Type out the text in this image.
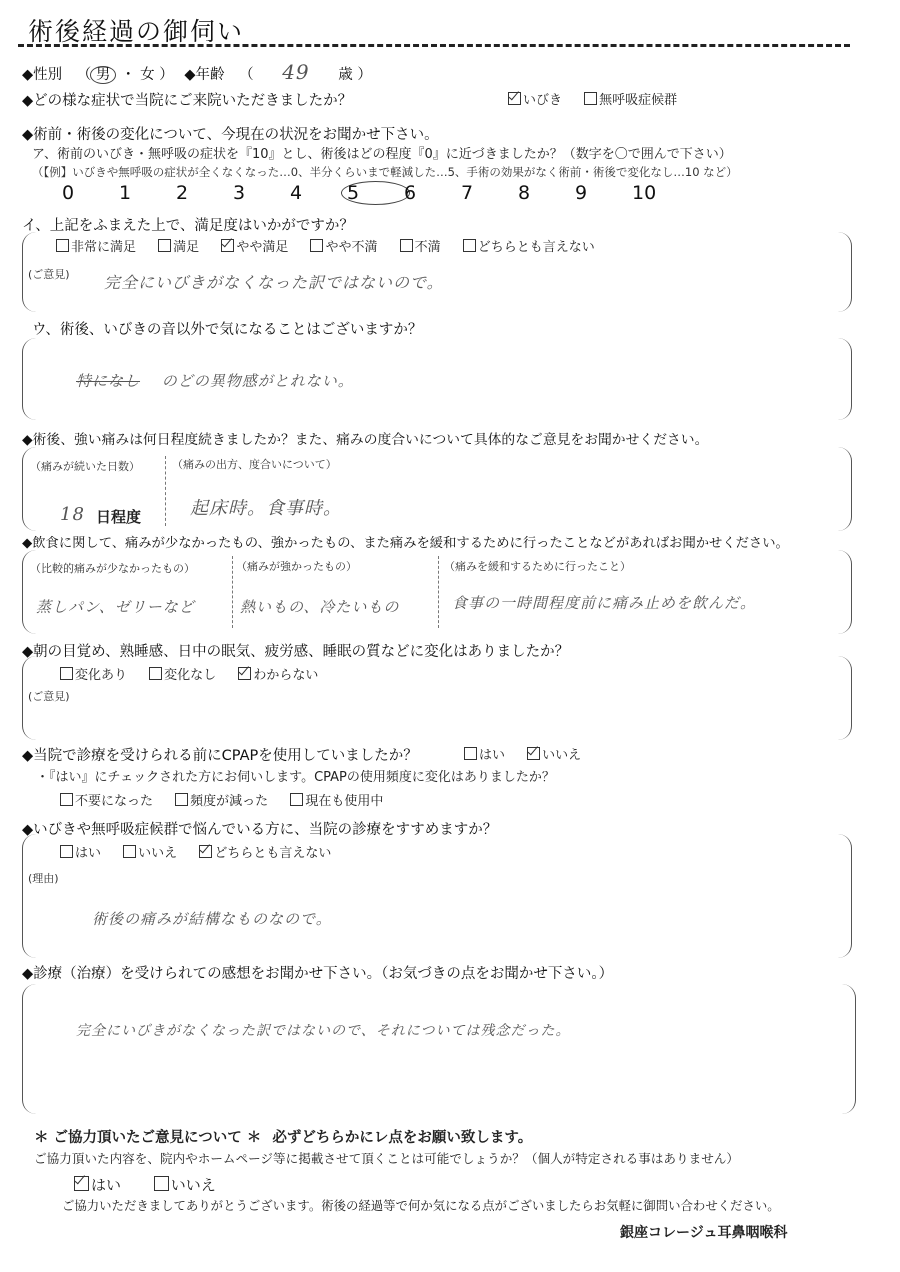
術後経過の御伺い
◆性別 （ 男 ・ 女 ） ◆年齢 （ 49 歳 ）
◆どの様な症状で当院にご来院いただきましたか？	いびき	無呼吸症候群
◆術前・術後の変化について、今現在の状況をお聞かせ下さい。
ア、術前のいびき・無呼吸の症状を『10』とし、術後はどの程度『0』に近づきましたか？（数字を〇で囲んで下さい）
（【例】いびきや無呼吸の症状が全くなくなった…0、半分くらいまで軽減した…5、手術の効果がなく術前・術後で変化なし…10 など）
0 1 2 3 4 5 6 7 8 9 10
イ、上記をふまえた上で、満足度はいかがですか？
非常に満足	満足	やや満足	やや不満	不満	どちらとも言えない
(ご意見) 完全にいびきがなくなった訳ではないので。
ウ、術後、いびきの音以外で気になることはございますか？
特になし のどの異物感がとれない。
◆術後、強い痛みは何日程度続きましたか？また、痛みの度合いについて具体的なご意見をお聞かせください。
（痛みが続いた日数）	（痛みの出方、度合いについて）
18 日程度	起床時。食事時。
◆飲食に関して、痛みが少なかったもの、強かったもの、また痛みを緩和するために行ったことなどがあればお聞かせください。
（比較的痛みが少なかったもの）	（痛みが強かったもの）	（痛みを緩和するために行ったこと）
蒸しパン、ゼリーなど	熱いもの、冷たいもの	食事の一時間程度前に痛み止めを飲んだ。
◆朝の目覚め、熟睡感、日中の眠気、疲労感、睡眠の質などに変化はありましたか？
変化あり	変化なし	わからない
(ご意見)
◆当院で診療を受けられる前にCPAPを使用していましたか？	はい	いいえ
・『はい』にチェックされた方にお伺いします。CPAPの使用頻度に変化はありましたか？
不要になった	頻度が減った	現在も使用中
◆いびきや無呼吸症候群で悩んでいる方に、当院の診療をすすめますか？
はい	いいえ	どちらとも言えない
(理由)
術後の痛みが結構なものなので。
◆診療（治療）を受けられての感想をお聞かせ下さい。（お気づきの点をお聞かせ下さい。）
完全にいびきがなくなった訳ではないので、それについては残念だった。
＊ ご協力頂いたご意見について ＊ 必ずどちらかにレ点をお願い致します。
ご協力頂いた内容を、院内やホームページ等に掲載させて頂くことは可能でしょうか？（個人が特定される事はありません）
はい	いいえ
ご協力いただきましてありがとうございます。術後の経過等で何か気になる点がございましたらお気軽に御問い合わせください。
銀座コレージュ耳鼻咽喉科
